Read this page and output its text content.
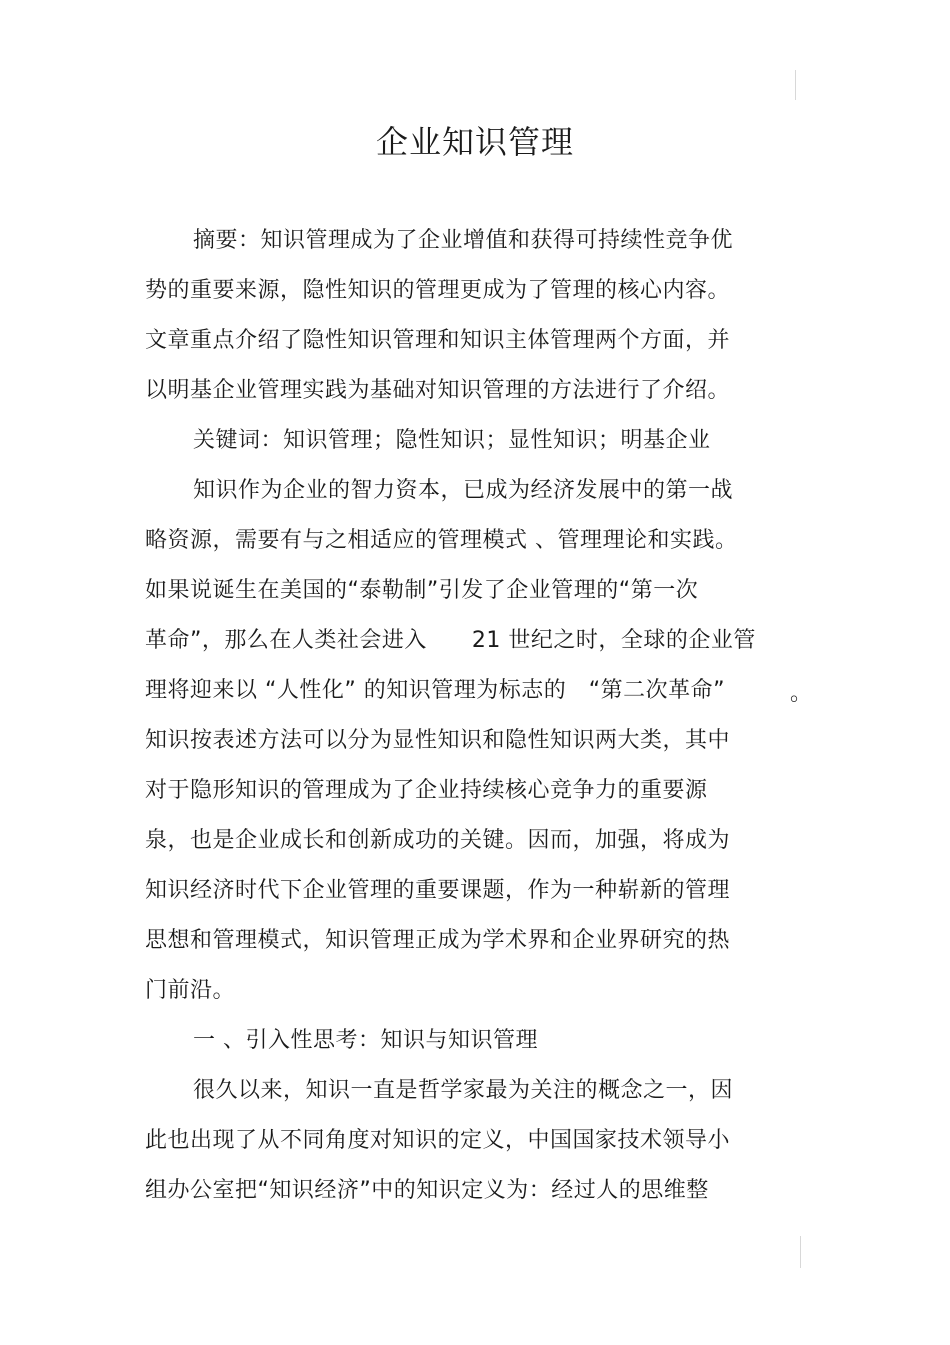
企业知识管理
摘要：知识管理成为了企业增值和获得可持续性竞争优
势的重要来源，隐性知识的管理更成为了管理的核心内容。
文章重点介绍了隐性知识管理和知识主体管理两个方面，并
以明基企业管理实践为基础对知识管理的方法进行了介绍。
关键词：知识管理；隐性知识；显性知识；明基企业
知识作为企业的智力资本，已成为经济发展中的第一战
略资源，需要有与之相适应的管理模式 、管理理论和实践。
如果说诞生在美国的“泰勒制”引发了企业管理的“第一次
革命”，那么在人类社会进入　　21 世纪之时，全球的企业管
理将迎来以 “人性化” 的知识管理为标志的　“第二次革命”	。
知识按表述方法可以分为显性知识和隐性知识两大类，其中
对于隐形知识的管理成为了企业持续核心竞争力的重要源
泉，也是企业成长和创新成功的关键。因而，加强，将成为
知识经济时代下企业管理的重要课题，作为一种崭新的管理
思想和管理模式，知识管理正成为学术界和企业界研究的热
门前沿。
一 、引入性思考：知识与知识管理
很久以来，知识一直是哲学家最为关注的概念之一，因
此也出现了从不同角度对知识的定义，中国国家技术领导小
组办公室把“知识经济”中的知识定义为：经过人的思维整
